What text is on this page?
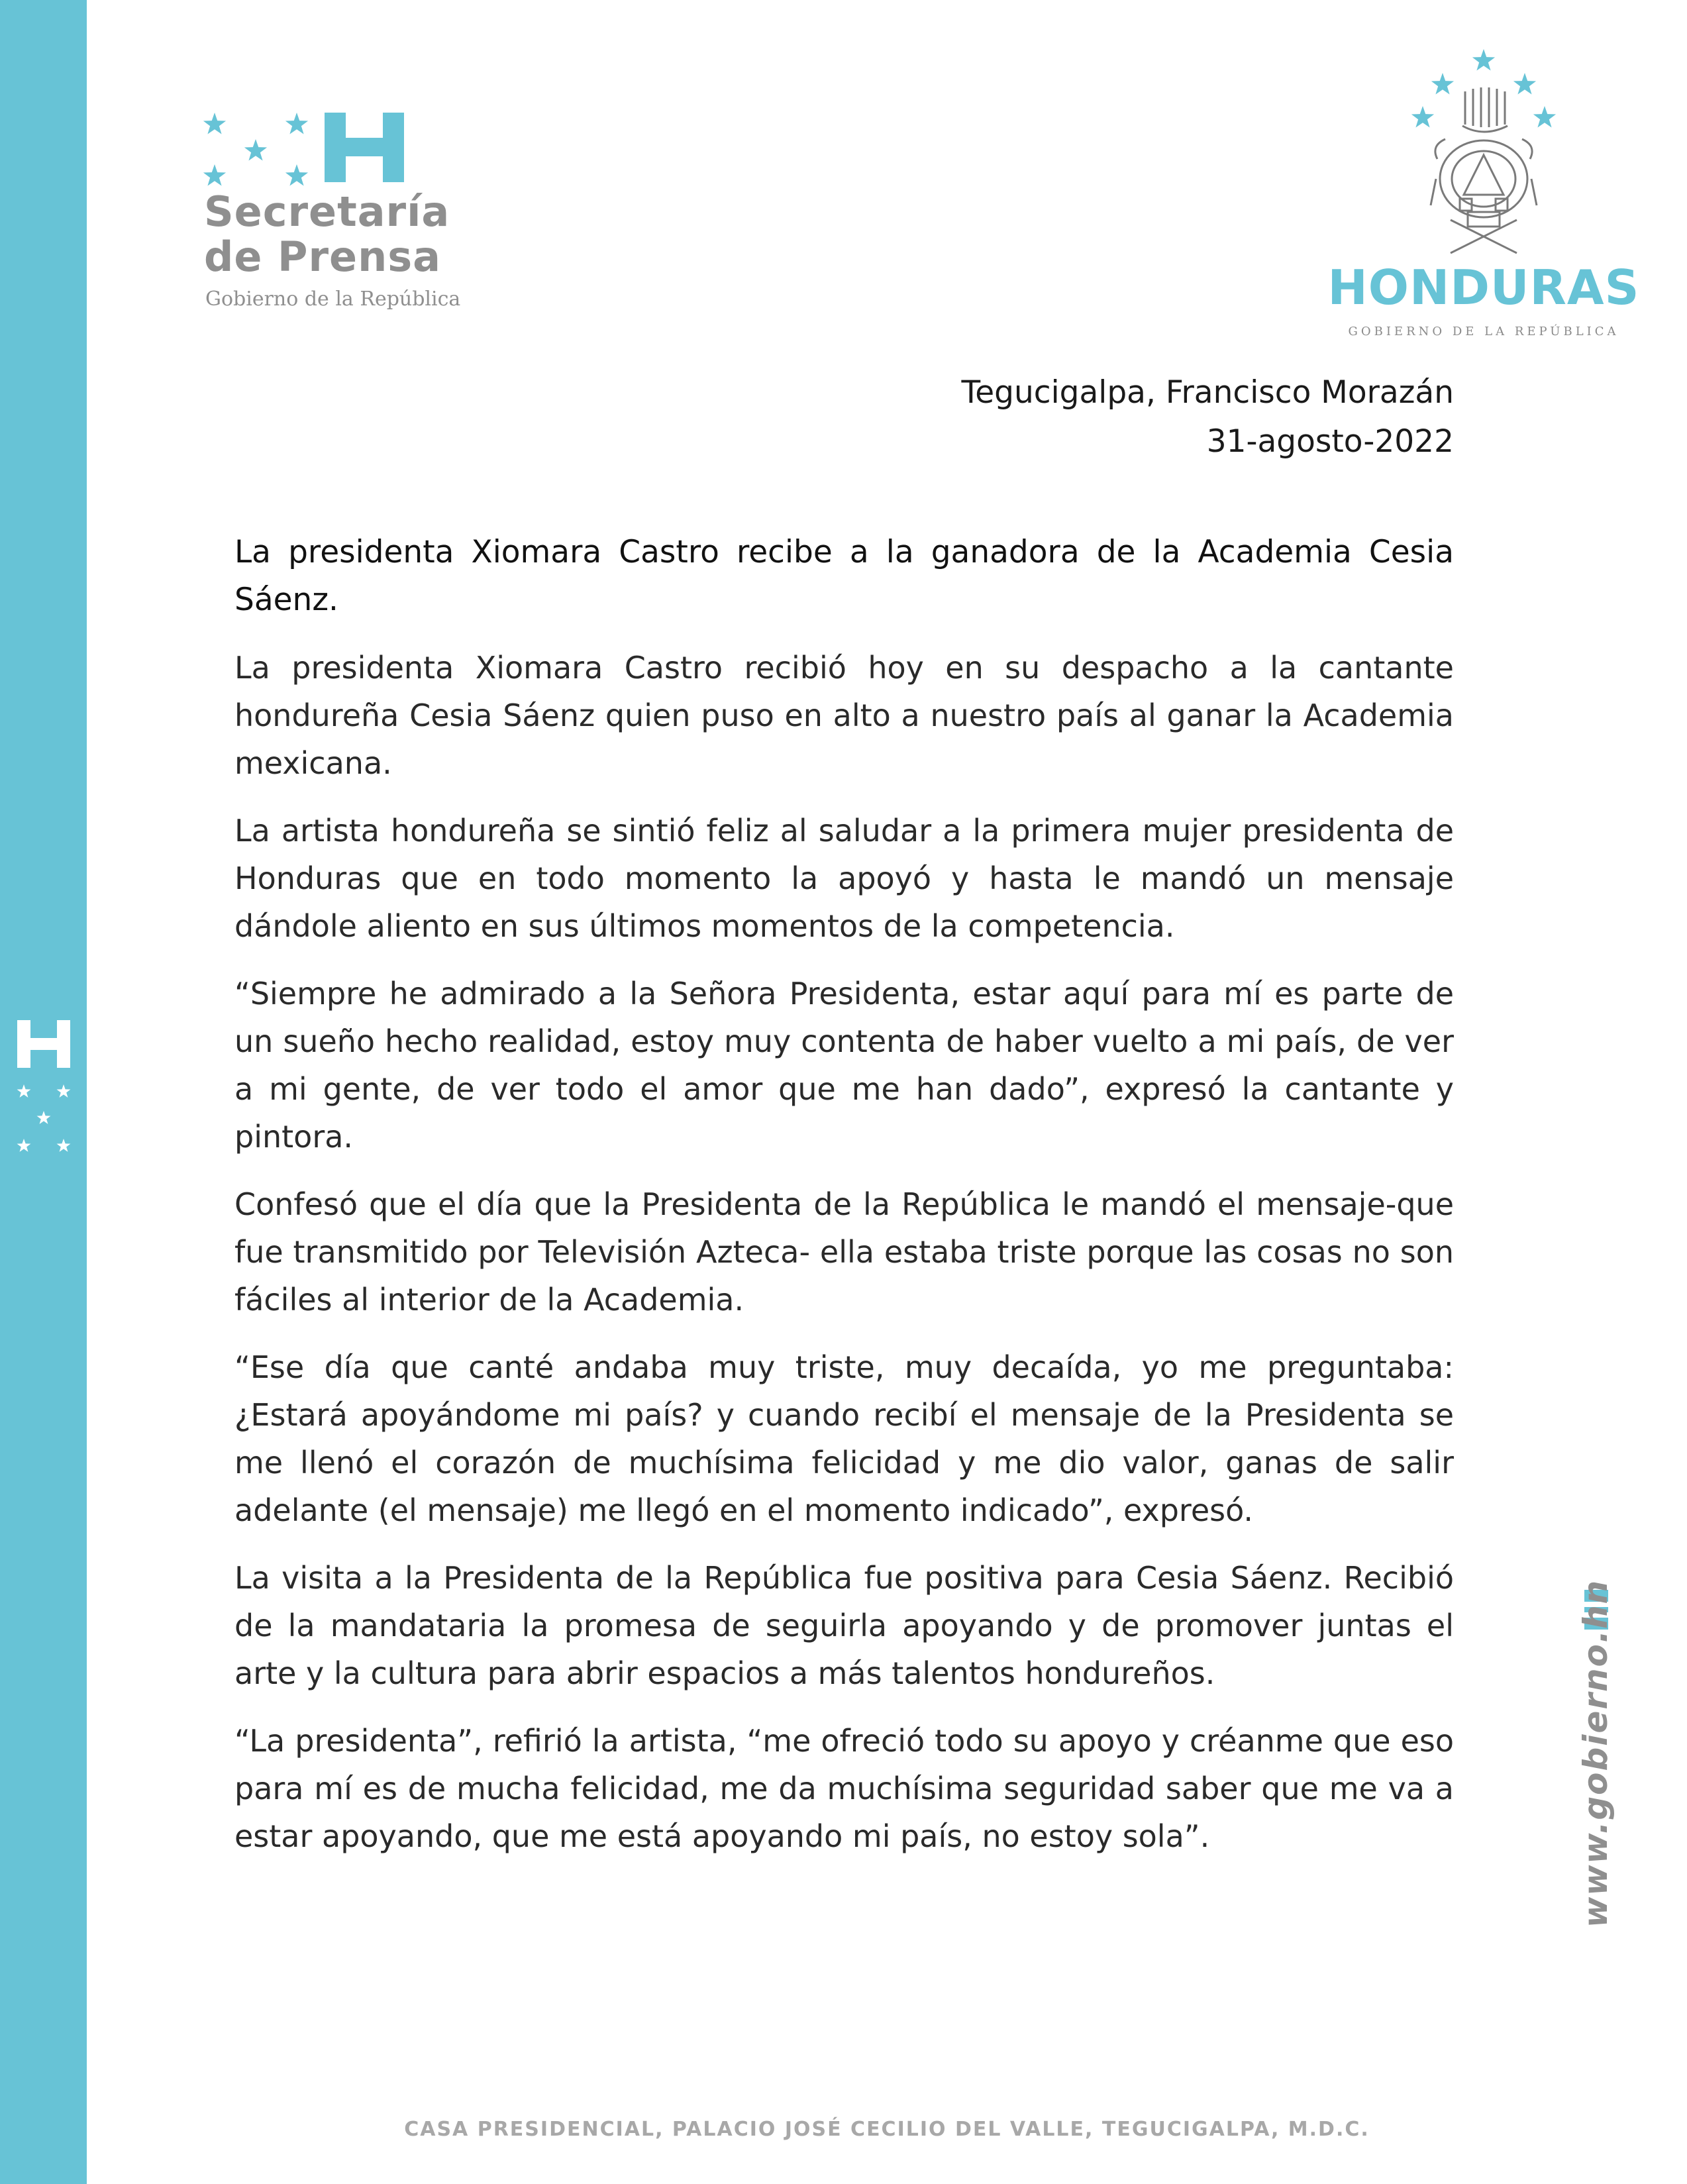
Secretaría
de Prensa
Gobierno de la República	HONDURAS
GOBIERNO DE LA REPÚBLICA
Tegucigalpa, Francisco Morazán
31-agosto-2022

La presidenta Xiomara Castro recibe a la ganadora de la Academia Cesia Sáenz.

La presidenta Xiomara Castro recibió hoy en su despacho a la cantante hondureña Cesia Sáenz quien puso en alto a nuestro país al ganar la Academia mexicana.

La artista hondureña se sintió feliz al saludar a la primera mujer presidenta de Honduras que en todo momento la apoyó y hasta le mandó un mensaje dándole aliento en sus últimos momentos de la competencia.

“Siempre he admirado a la Señora Presidenta, estar aquí para mí es parte de un sueño hecho realidad, estoy muy contenta de haber vuelto a mi país, de ver a mi gente, de ver todo el amor que me han dado”, expresó la cantante y pintora.

Confesó que el día que la Presidenta de la República le mandó el mensaje-que fue transmitido por Televisión Azteca- ella estaba triste porque las cosas no son fáciles al interior de la Academia.

“Ese día que canté andaba muy triste, muy decaída, yo me preguntaba: ¿Estará apoyándome mi país? y cuando recibí el mensaje de la Presidenta se me llenó el corazón de muchísima felicidad y me dio valor, ganas de salir adelante (el mensaje) me llegó en el momento indicado”, expresó.

La visita a la Presidenta de la República fue positiva para Cesia Sáenz. Recibió de la mandataria la promesa de seguirla apoyando y de promover juntas el arte y la cultura para abrir espacios a más talentos hondureños.

“La presidenta”, refirió la artista, “me ofreció todo su apoyo y créanme que eso para mí es de mucha felicidad, me da muchísima seguridad saber que me va a estar apoyando, que me está apoyando mi país, no estoy sola”.	www.gobierno.hn
CASA PRESIDENCIAL, PALACIO JOSÉ CECILIO DEL VALLE, TEGUCIGALPA, M.D.C.
